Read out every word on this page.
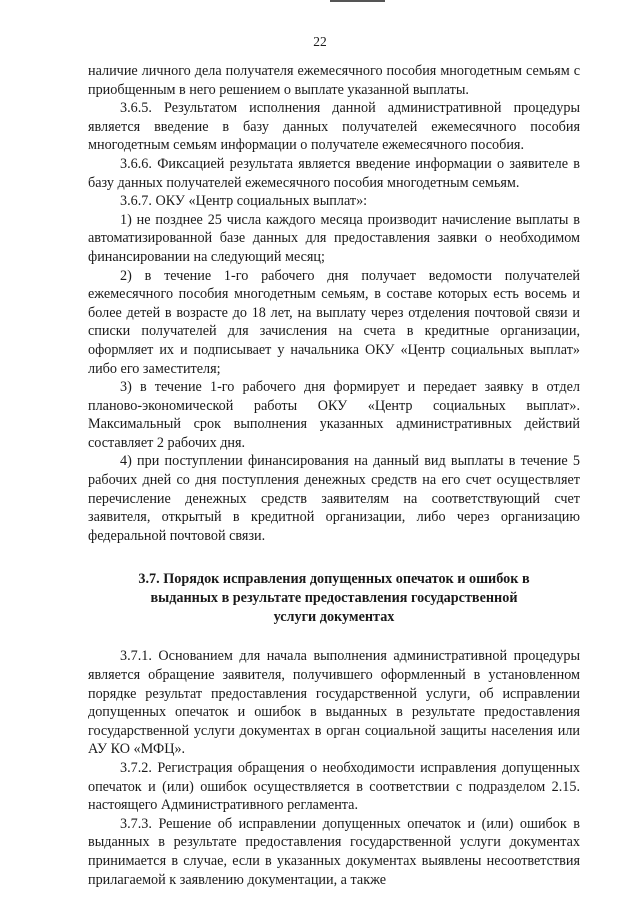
22

наличие личного дела получателя ежемесячного пособия многодетным семьям с приобщенным в него решением о выплате указанной выплаты.

3.6.5. Результатом исполнения данной административной процедуры является введение в базу данных получателей ежемесячного пособия многодетным семьям информации о получателе ежемесячного пособия.

3.6.6. Фиксацией результата является введение информации о заявителе в базу данных получателей ежемесячного пособия многодетным семьям.

3.6.7. ОКУ «Центр социальных выплат»:

1) не позднее 25 числа каждого месяца производит начисление выплаты в автоматизированной базе данных для предоставления заявки о необходимом финансировании на следующий месяц;

2) в течение 1-го рабочего дня получает ведомости получателей ежемесячного пособия многодетным семьям, в составе которых есть восемь и более детей в возрасте до 18 лет, на выплату через отделения почтовой связи и списки получателей для зачисления на счета в кредитные организации, оформляет их и подписывает у начальника ОКУ «Центр социальных выплат» либо его заместителя;

3) в течение 1-го рабочего дня формирует и передает заявку в отдел планово-экономической работы ОКУ «Центр социальных выплат». Максимальный срок выполнения указанных административных действий составляет 2 рабочих дня.

4) при поступлении финансирования на данный вид выплаты в течение 5 рабочих дней со дня поступления денежных средств на его счет осуществляет перечисление денежных средств заявителям на соответствующий счет заявителя, открытый в кредитной организации, либо через организацию федеральной почтовой связи.

3.7. Порядок исправления допущенных опечаток и ошибок в
выданных в результате предоставления государственной
услуги документах

3.7.1. Основанием для начала выполнения административной процедуры является обращение заявителя, получившего оформленный в установленном порядке результат предоставления государственной услуги, об исправлении допущенных опечаток и ошибок в выданных в результате предоставления государственной услуги документах в орган социальной защиты населения или АУ КО «МФЦ».

3.7.2. Регистрация обращения о необходимости исправления допущенных опечаток и (или) ошибок осуществляется в соответствии с подразделом 2.15. настоящего Административного регламента.

3.7.3. Решение об исправлении допущенных опечаток и (или) ошибок в выданных в результате предоставления государственной услуги документах принимается в случае, если в указанных документах выявлены несоответствия прилагаемой к заявлению документации, а также
